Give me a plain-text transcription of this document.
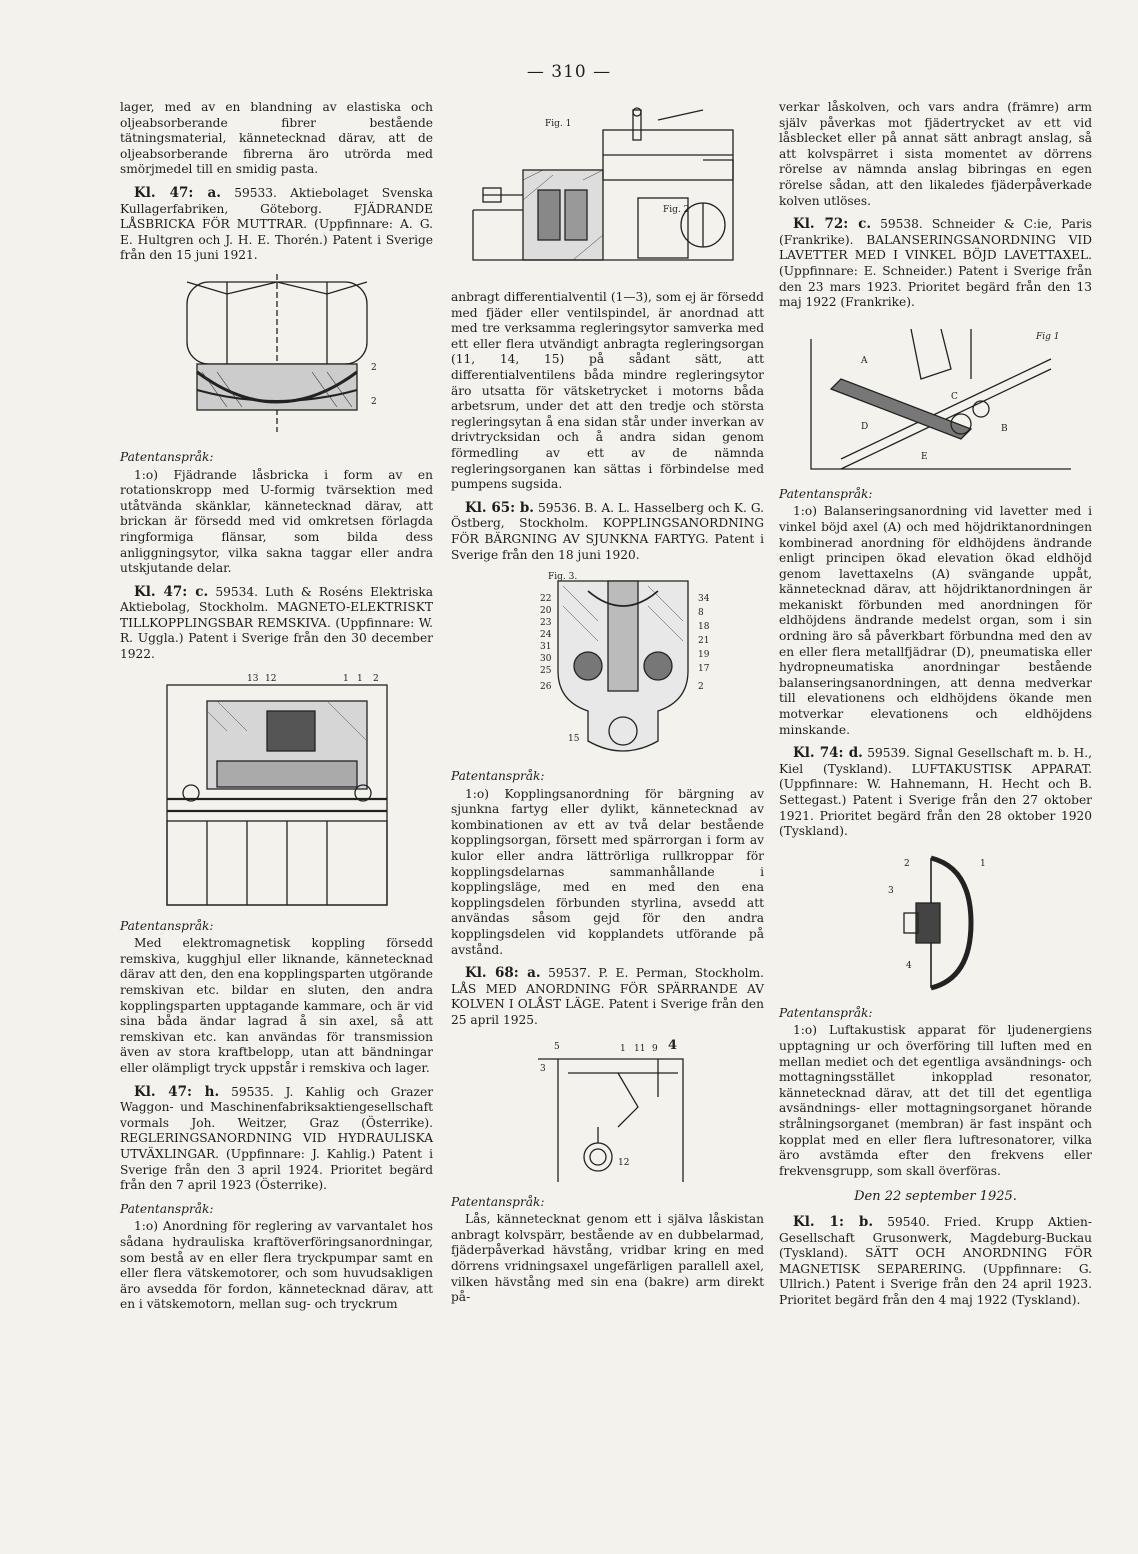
— 310 —

lager, med av en blandning av elastiska och oljeabsorberande fibrer bestående tätningsmaterial, kännetecknad därav, att de oljeabsorberande fibrerna äro utrörda med smörjmedel till en smidig pasta.

Kl. 47: a. 59533. Aktiebolaget Svenska Kullagerfabriken, Göteborg. FJÄDRANDE LÅSBRICKA FÖR MUTTRAR. (Uppfinnare: A. G. E. Hultgren och J. H. E. Thorén.) Patent i Sverige från den 15 juni 1921.

2
2

Patentanspråk:

1:o) Fjädrande låsbricka i form av en rotationskropp med U-formig tvärsektion med utåtvända skänklar, kännetecknad därav, att brickan är försedd med vid omkretsen förlagda ringformiga flänsar, som bilda dess anliggningsytor, vilka sakna taggar eller andra utskjutande delar.

Kl. 47: c. 59534. Luth & Roséns Elektriska Aktiebolag, Stockholm. MAGNETO-ELEKTRISKT TILLKOPPLINGSBAR REMSKIVA. (Uppfinnare: W. R. Uggla.) Patent i Sverige från den 30 december 1922.

13 12	1 1 2

Patentanspråk:

Med elektromagnetisk koppling försedd remskiva, kugghjul eller liknande, kännetecknad därav att den, den ena kopplingsparten utgörande remskivan etc. bildar en sluten, den andra kopplingsparten upptagande kammare, och är vid sina båda ändar lagrad å sin axel, så att remskivan etc. kan användas för transmission även av stora kraftbelopp, utan att bändningar eller olämpligt tryck uppstår i remskiva och lager.

Kl. 47: h. 59535. J. Kahlig och Grazer Waggon- und Maschinenfabriksaktiengesellschaft vormals Joh. Weitzer, Graz (Österrike). REGLERINGSANORDNING VID HYDRAULISKA UTVÄXLINGAR. (Uppfinnare: J. Kahlig.) Patent i Sverige från den 3 april 1924. Prioritet begärd från den 7 april 1923 (Österrike).

Patentanspråk:

1:o) Anordning för reglering av varvantalet hos sådana hydrauliska kraftöverföringsanordningar, som bestå av en eller flera tryckpumpar samt en eller flera vätskemotorer, och som huvudsakligen äro avsedda för fordon, kännetecknad därav, att en i vätskemotorn, mellan sug- och tryckrum

Fig. 1
Fig. 2

anbragt differentialventil (1—3), som ej är försedd med fjäder eller ventilspindel, är anordnad att med tre verksamma regleringsytor samverka med ett eller flera utvändigt anbragta regleringsorgan (11, 14, 15) på sådant sätt, att differentialventilens båda mindre regleringsytor äro utsatta för vätsketrycket i motorns båda arbetsrum, under det att den tredje och största regleringsytan å ena sidan står under inverkan av drivtrycksidan och å andra sidan genom förmedling av ett av de nämnda regleringsorganen kan sättas i förbindelse med pumpens sugsida.

Kl. 65: b. 59536. B. A. L. Hasselberg och K. G. Östberg, Stockholm. KOPPLINGSANORDNING FÖR BÄRGNING AV SJUNKNA FARTYG. Patent i Sverige från den 18 juni 1920.

Fig. 3.
22
20
23
24
31
30
25
26
15
34
8
18
21
19
17
2

Patentanspråk:

1:o) Kopplingsanordning för bärgning av sjunkna fartyg eller dylikt, kännetecknad av kombinationen av ett av två delar bestående kopplingsorgan, försett med spärrorgan i form av kulor eller andra lättrörliga rullkroppar för kopplingsdelarnas sammanhållande i kopplingsläge, med en med den ena kopplingsdelen förbunden styrlina, avsedd att användas såsom gejd för den andra kopplingsdelen vid kopplandets utförande på avstånd.

Kl. 68: a. 59537. P. E. Perman, Stockholm. LÅS MED ANORDNING FÖR SPÄRRANDE AV KOLVEN I OLÅST LÄGE. Patent i Sverige från den 25 april 1925.

5
3
1 11 9 4
12

Patentanspråk:

Lås, kännetecknat genom ett i själva låskistan anbragt kolvspärr, bestående av en dubbelarmad, fjäderpåverkad hävstång, vridbar kring en med dörrens vridningsaxel ungefärligen parallell axel, vilken hävstång med sin ena (bakre) arm direkt på-

verkar låskolven, och vars andra (främre) arm själv påverkas mot fjädertrycket av ett vid låsblecket eller på annat sätt anbragt anslag, så att kolvspärret i sista momentet av dörrens rörelse av nämnda anslag bibringas en egen rörelse sådan, att den likaledes fjäderpåverkade kolven utlöses.

Kl. 72: c. 59538. Schneider & C:ie, Paris (Frankrike). BALANSERINGSANORDNING VID LAVETTER MED I VINKEL BÖJD LAVETTAXEL. (Uppfinnare: E. Schneider.) Patent i Sverige från den 23 mars 1923. Prioritet begärd från den 13 maj 1922 (Frankrike).

Fig 1
A
D
C
B
E

Patentanspråk:

1:o) Balanseringsanordning vid lavetter med i vinkel böjd axel (A) och med höjdriktanordningen kombinerad anordning för eldhöjdens ändrande enligt principen ökad elevation ökad eldhöjd genom lavettaxelns (A) svängande uppåt, kännetecknad därav, att höjdriktanordningen är mekaniskt förbunden med anordningen för eldhöjdens ändrande medelst organ, som i sin ordning äro så påverkbart förbundna med den av en eller flera metallfjädrar (D), pneumatiska eller hydropneumatiska anordningar bestående balanseringsanordningen, att denna medverkar till elevationens och eldhöjdens ökande men motverkar elevationens och eldhöjdens minskande.

Kl. 74: d. 59539. Signal Gesellschaft m. b. H., Kiel (Tyskland). LUFTAKUSTISK APPARAT. (Uppfinnare: W. Hahnemann, H. Hecht och B. Settegast.) Patent i Sverige från den 27 oktober 1921. Prioritet begärd från den 28 oktober 1920 (Tyskland).

2	1
3
4

Patentanspråk:

1:o) Luftakustisk apparat för ljudenergiens upptagning ur och överföring till luften med en mellan mediet och det egentliga avsändnings- och mottagningsstället inkopplad resonator, kännetecknad därav, att det till det egentliga avsändnings- eller mottagningsorganet hörande strålningsorganet (membran) är fast inspänt och kopplat med en eller flera luftresonatorer, vilka äro avstämda efter den frekvens eller frekvensgrupp, som skall överföras.

Den 22 september 1925.

Kl. 1: b. 59540. Fried. Krupp Aktien-Gesellschaft Grusonwerk, Magdeburg-Buckau (Tyskland). SÄTT OCH ANORDNING FÖR MAGNETISK SEPARERING. (Uppfinnare: G. Ullrich.) Patent i Sverige från den 24 april 1923. Prioritet begärd från den 4 maj 1922 (Tyskland).
